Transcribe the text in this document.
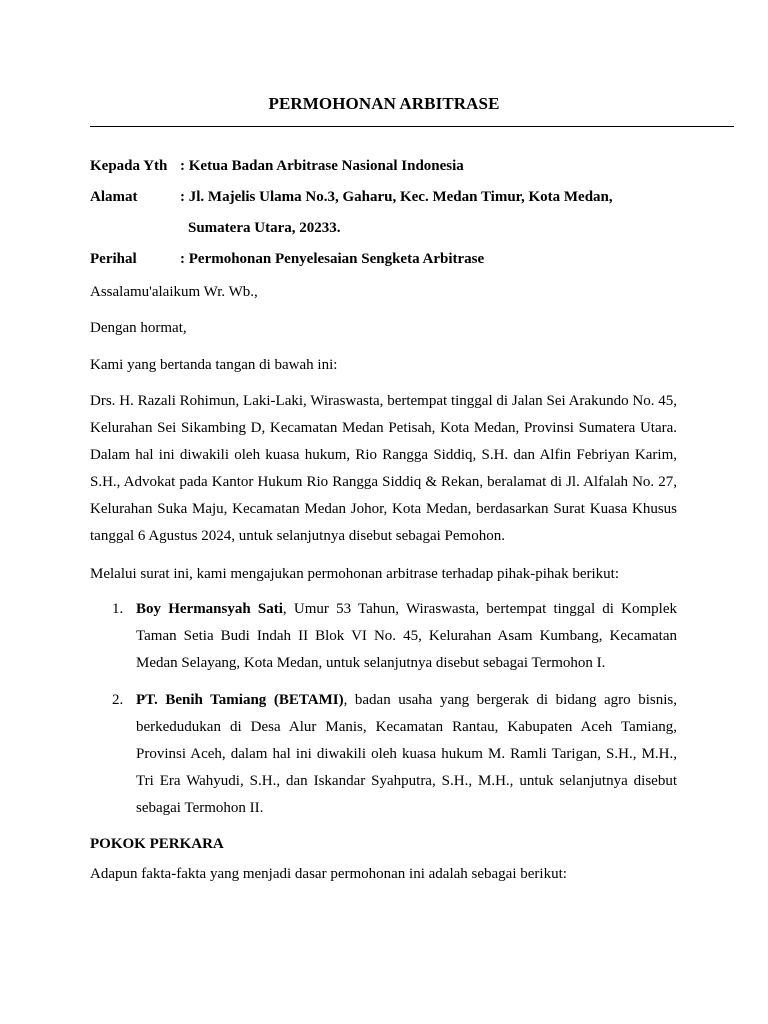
PERMOHONAN ARBITRASE
Kepada Yth : Ketua Badan Arbitrase Nasional Indonesia
Alamat	: Jl. Majelis Ulama No.3, Gaharu, Kec. Medan Timur, Kota Medan,
Sumatera Utara, 20233.
Perihal	: Permohonan Penyelesaian Sengketa Arbitrase
Assalamu'alaikum Wr. Wb.,
Dengan hormat,
Kami yang bertanda tangan di bawah ini:
Drs. H. Razali Rohimun, Laki-Laki, Wiraswasta, bertempat tinggal di Jalan Sei Arakundo No. 45, Kelurahan Sei Sikambing D, Kecamatan Medan Petisah, Kota Medan, Provinsi Sumatera Utara. Dalam hal ini diwakili oleh kuasa hukum, Rio Rangga Siddiq, S.H. dan Alfin Febriyan Karim, S.H., Advokat pada Kantor Hukum Rio Rangga Siddiq & Rekan, beralamat di Jl. Alfalah No. 27, Kelurahan Suka Maju, Kecamatan Medan Johor, Kota Medan, berdasarkan Surat Kuasa Khusus tanggal 6 Agustus 2024, untuk selanjutnya disebut sebagai Pemohon.
Melalui surat ini, kami mengajukan permohonan arbitrase terhadap pihak-pihak berikut:
1. Boy Hermansyah Sati, Umur 53 Tahun, Wiraswasta, bertempat tinggal di Komplek Taman Setia Budi Indah II Blok VI No. 45, Kelurahan Asam Kumbang, Kecamatan Medan Selayang, Kota Medan, untuk selanjutnya disebut sebagai Termohon I.
2. PT. Benih Tamiang (BETAMI), badan usaha yang bergerak di bidang agro bisnis, berkedudukan di Desa Alur Manis, Kecamatan Rantau, Kabupaten Aceh Tamiang, Provinsi Aceh, dalam hal ini diwakili oleh kuasa hukum M. Ramli Tarigan, S.H., M.H., Tri Era Wahyudi, S.H., dan Iskandar Syahputra, S.H., M.H., untuk selanjutnya disebut sebagai Termohon II.
POKOK PERKARA
Adapun fakta-fakta yang menjadi dasar permohonan ini adalah sebagai berikut:
